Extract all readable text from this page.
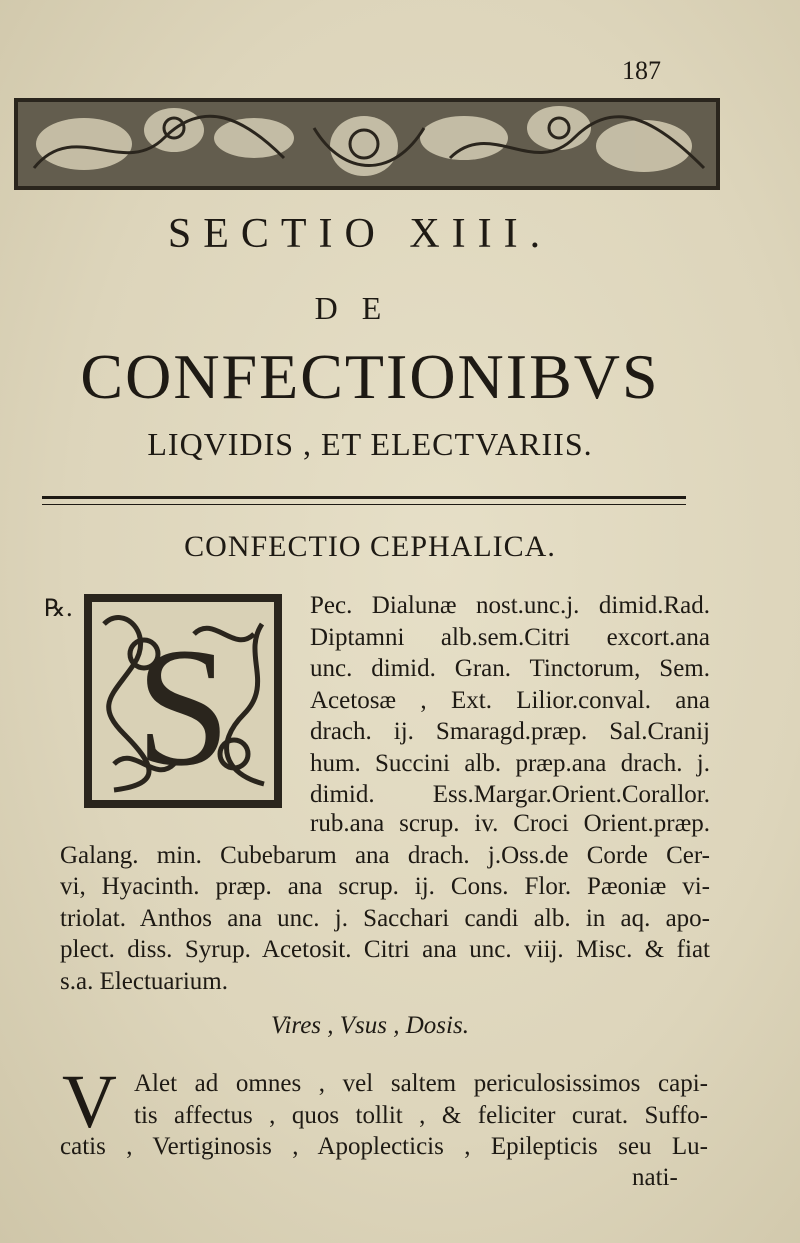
187
SECTIO XIII.
DE
CONFECTIONIBVS
LIQVIDIS , ET ELECTVARIIS.
CONFECTIO CEPHALICA.
℞.
S
Pec. Dialunæ nost.unc.j. dimid.Rad.
Diptamni alb.sem.Citri excort.ana
unc. dimid. Gran. Tinctorum, Sem.
Acetosæ , Ext. Lilior.conval. ana
drach. ij. Smaragd.præp. Sal.Cranij
hum. Succini alb. præp.ana drach. j.
dimid. Ess.Margar.Orient.Corallor.
rub.ana scrup. iv. Croci Orient.præp.
Galang. min. Cubebarum ana drach. j.Oss.de Corde Cer-
vi, Hyacinth. præp. ana scrup. ij. Cons. Flor. Pæoniæ vi-
triolat. Anthos ana unc. j. Sacchari candi alb. in aq. apo-
plect. diss. Syrup. Acetosit. Citri ana unc. viij. Misc. & fiat
s.a. Electuarium.
Vires , Vsus , Dosis.
V Alet ad omnes , vel saltem periculosissimos capi-
tis affectus , quos tollit , & feliciter curat. Suffo-
catis , Vertiginosis , Apoplecticis , Epilepticis seu Lu-
nati-
